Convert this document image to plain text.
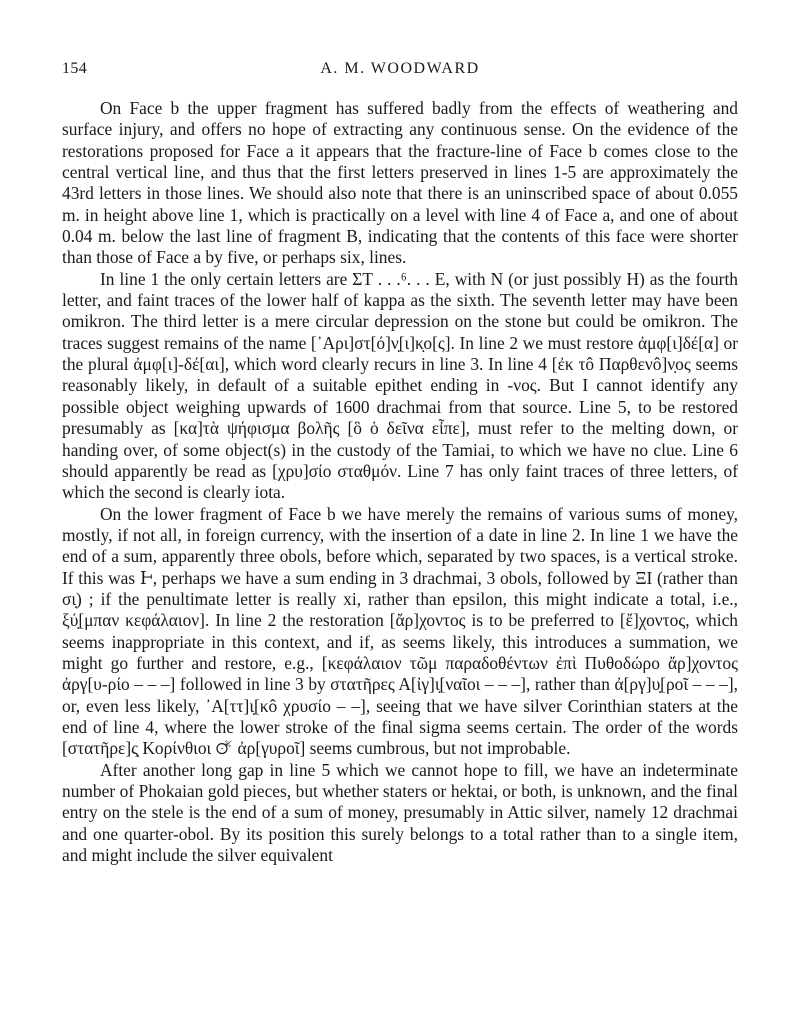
154	A. M. WOODWARD

On Face b the upper fragment has suffered badly from the effects of weathering and surface injury, and offers no hope of extracting any continuous sense. On the evidence of the restorations proposed for Face a it appears that the fracture-line of Face b comes close to the central vertical line, and thus that the first letters preserved in lines 1-5 are approximately the 43rd letters in those lines. We should also note that there is an uninscribed space of about 0.055 m. in height above line 1, which is practically on a level with line 4 of Face a, and one of about 0.04 m. below the last line of fragment B, indicating that the contents of this face were shorter than those of Face a by five, or perhaps six, lines.

In line 1 the only certain letters are ΣΤ . . .⁶. . . Ε, with Ν (or just possibly Η) as the fourth letter, and faint traces of the lower half of kappa as the sixth. The seventh letter may have been omikron. The third letter is a mere circular depression on the stone but could be omikron. The traces suggest remains of the name [᾿Αρι]στ[ό]ν̣[ι]κ̣ο[ς]. In line 2 we must restore ἀμφ[ι]δέ[α] or the plural ἀμφ[ι]-δέ[αι], which word clearly recurs in line 3. In line 4 [ἐκ τô Παρθενô]ν̣ος seems reasonably likely, in default of a suitable epithet ending in -νος. But I cannot identify any possible object weighing upwards of 1600 drachmai from that source. Line 5, to be restored presumably as [κα]τὰ ψήφισμα βολῆς [ὃ ὁ δεῖνα εἶπε], must refer to the melting down, or handing over, of some object(s) in the custody of the Tamiai, to which we have no clue. Line 6 should apparently be read as [χρυ]σίο σταθμόν. Line 7 has only faint traces of three letters, of which the second is clearly iota.

On the lower fragment of Face b we have merely the remains of various sums of money, mostly, if not all, in foreign currency, with the insertion of a date in line 2. In line 1 we have the end of a sum, apparently three obols, before which, separated by two spaces, is a vertical stroke. If this was Ͱ, perhaps we have a sum ending in 3 drachmai, 3 obols, followed by ΞΙ (rather than σι̣) ; if the penultimate letter is really xi, rather than epsilon, this might indicate a total, i.e., ξύ̣[μπαν κεφάλαιον]. In line 2 the restoration [ἄρ]χοντος is to be preferred to [ἔ]χοντος, which seems inappropriate in this context, and if, as seems likely, this introduces a summation, we might go further and restore, e.g., [κεφάλαιον τῶμ παραδοθέντων ἐπὶ Πυθοδώρο ἄρ]χοντος ἀργ[υ-ρίο – – –] followed in line 3 by στατῆρες Α[ἰγ]ι̣[ναῖοι – – –], rather than ἀ[ργ]υ̣[ροῖ – – –], or, even less likely, ᾿Α[ττ]ι̣[κô χρυσίο – –], seeing that we have silver Corinthian staters at the end of line 4, where the lower stroke of the final sigma seems certain. The order of the words [στατῆρε]ς̣ Κορίνθιοι 🜚 ἀρ[γυροῖ] seems cumbrous, but not improbable.

After another long gap in line 5 which we cannot hope to fill, we have an indeterminate number of Phokaian gold pieces, but whether staters or hektai, or both, is unknown, and the final entry on the stele is the end of a sum of money, presumably in Attic silver, namely 12 drachmai and one quarter-obol. By its position this surely belongs to a total rather than to a single item, and might include the silver equivalent
